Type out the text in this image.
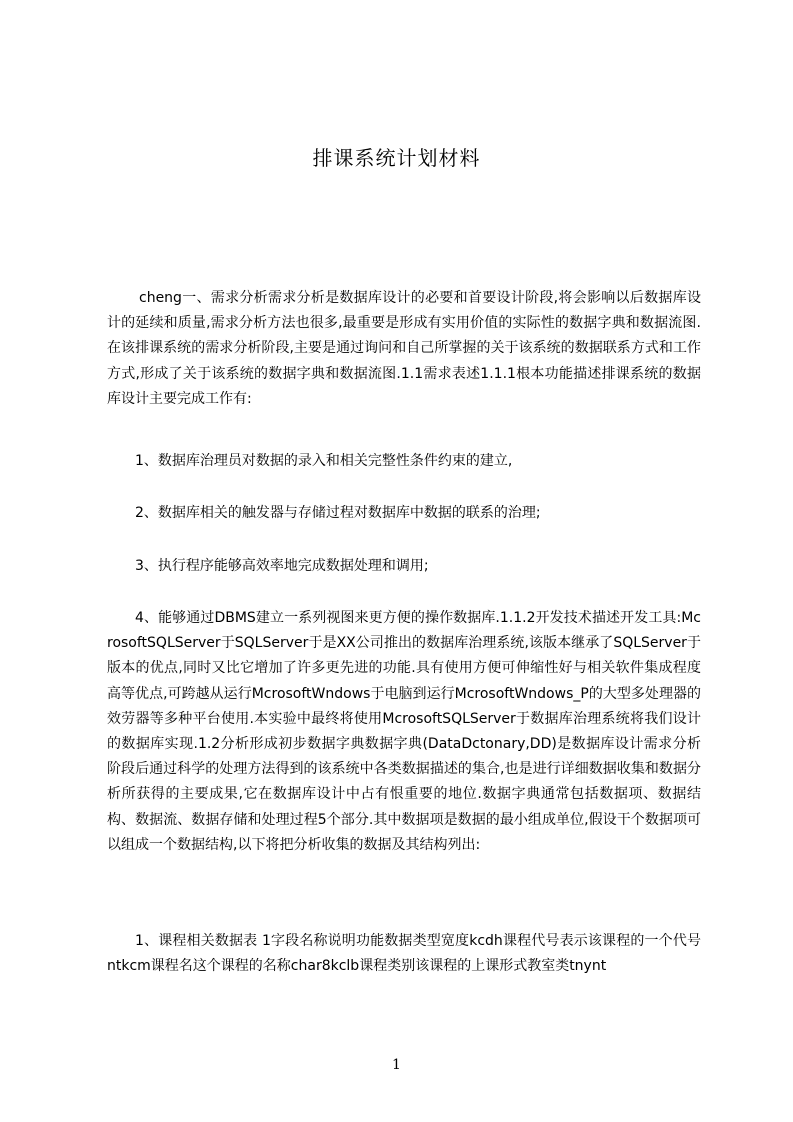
排课系统计划材料

cheng一、需求分析需求分析是数据库设计的必要和首要设计阶段,将会影响以后数据库设计的延续和质量,需求分析方法也很多,最重要是形成有实用价值的实际性的数据字典和数据流图.在该排课系统的需求分析阶段,主要是通过询问和自己所掌握的关于该系统的数据联系方式和工作方式,形成了关于该系统的数据字典和数据流图.1.1需求表述1.1.1根本功能描述排课系统的数据库设计主要完成工作有:

1、数据库治理员对数据的录入和相关完整性条件约束的建立,

2、数据库相关的触发器与存储过程对数据库中数据的联系的治理;

3、执行程序能够高效率地完成数据处理和调用;

4、能够通过DBMS建立一系列视图来更方便的操作数据库.1.1.2开发技术描述开发工具:McrosoftSQLServer于SQLServer于是XX公司推出的数据库治理系统,该版本继承了SQLServer于版本的优点,同时又比它增加了许多更先进的功能.具有使用方便可伸缩性好与相关软件集成程度高等优点,可跨越从运行McrosoftWndows于电脑到运行McrosoftWndows_P的大型多处理器的效劳器等多种平台使用.本实验中最终将使用McrosoftSQLServer于数据库治理系统将我们设计的数据库实现.1.2分析形成初步数据字典数据字典(DataDctonary,DD)是数据库设计需求分析阶段后通过科学的处理方法得到的该系统中各类数据描述的集合,也是进行详细数据收集和数据分析所获得的主要成果,它在数据库设计中占有恨重要的地位.数据字典通常包括数据项、数据结构、数据流、数据存储和处理过程5个部分.其中数据项是数据的最小组成单位,假设干个数据项可以组成一个数据结构,以下将把分析收集的数据及其结构列出:

1、课程相关数据表 1字段名称说明功能数据类型宽度kcdh课程代号表示该课程的一个代号ntkcm课程名这个课程的名称char8kclb课程类别该课程的上课形式教室类tnynt

1
